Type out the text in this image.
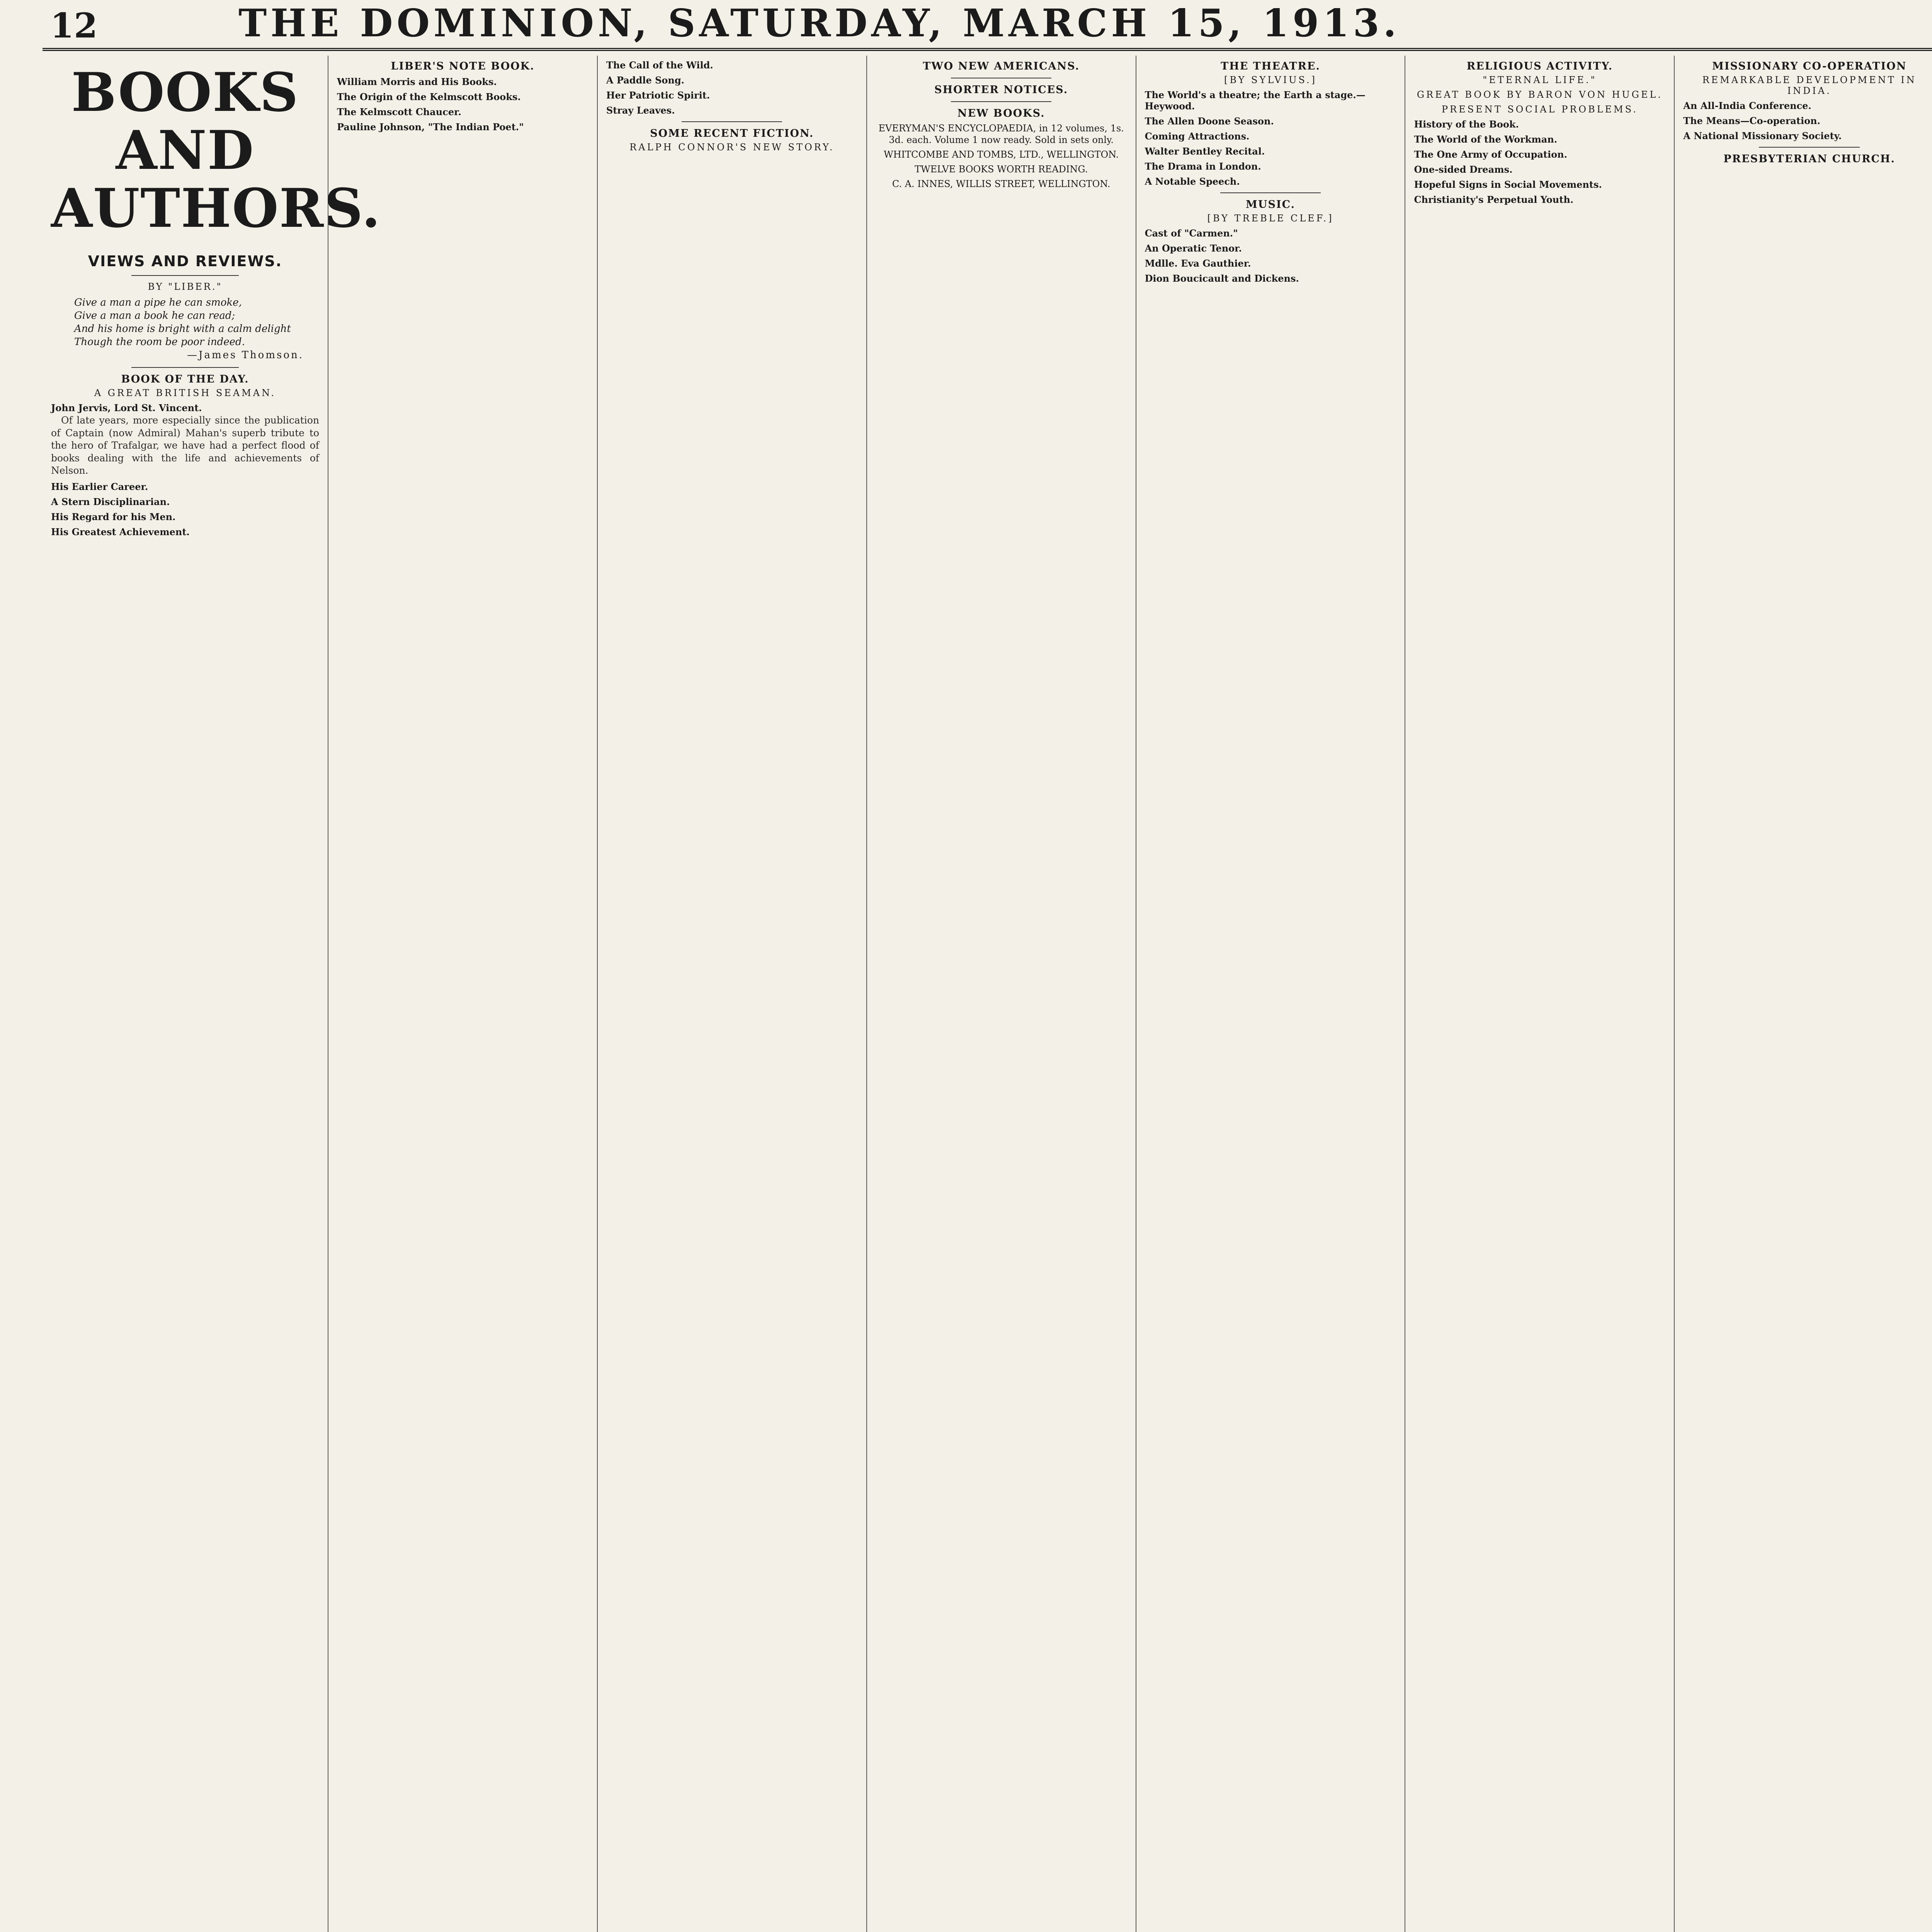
12	THE DOMINION, SATURDAY, MARCH 15, 1913.
BOOKS AND AUTHORS.
VIEWS AND REVIEWS.
BY "LIBER."
Give a man a pipe he can smoke,
Give a man a book he can read;
And his home is bright with a calm delight
Though the room be poor indeed.
—James Thomson.
BOOK OF THE DAY.
A GREAT BRITISH SEAMAN.
John Jervis, Lord St. Vincent.

Of late years, more especially since the publication of Captain (now Admiral) Mahan's superb tribute to the hero of Trafalgar, we have had a perfect flood of books dealing with the life and achievements of Nelson.

His Earlier Career.
A Stern Disciplinarian.
His Regard for his Men.
His Greatest Achievement.
LIBER'S NOTE BOOK.
William Morris and His Books.
The Origin of the Kelmscott Books.
The Kelmscott Chaucer.
Pauline Johnson, "The Indian Poet."
The Call of the Wild.
A Paddle Song.
Her Patriotic Spirit.
Stray Leaves.
SOME RECENT FICTION.
RALPH CONNOR'S NEW STORY.
TWO NEW AMERICANS.
SHORTER NOTICES.
NEW BOOKS.
EVERYMAN'S ENCYCLOPAEDIA, in 12 volumes, 1s. 3d. each. Volume 1 now ready. Sold in sets only.
WHITCOMBE AND TOMBS, LTD., WELLINGTON.
TWELVE BOOKS WORTH READING.
C. A. INNES, WILLIS STREET, WELLINGTON.
THE THEATRE.
[BY SYLVIUS.]
The World's a theatre; the Earth a stage.—Heywood.
The Allen Doone Season.
Coming Attractions.
Walter Bentley Recital.
The Drama in London.
A Notable Speech.
MUSIC.
[BY TREBLE CLEF.]
Cast of "Carmen."
An Operatic Tenor.
Mdlle. Eva Gauthier.
Dion Boucicault and Dickens.
RELIGIOUS ACTIVITY.
"ETERNAL LIFE."
GREAT BOOK BY BARON VON HUGEL.
PRESENT SOCIAL PROBLEMS.
History of the Book.
The World of the Workman.
The One Army of Occupation.
One-sided Dreams.
Hopeful Signs in Social Movements.
Christianity's Perpetual Youth.
MISSIONARY CO-OPERATION
REMARKABLE DEVELOPMENT IN INDIA.
An All-India Conference.
The Means—Co-operation.
A National Missionary Society.
PRESBYTERIAN CHURCH.
